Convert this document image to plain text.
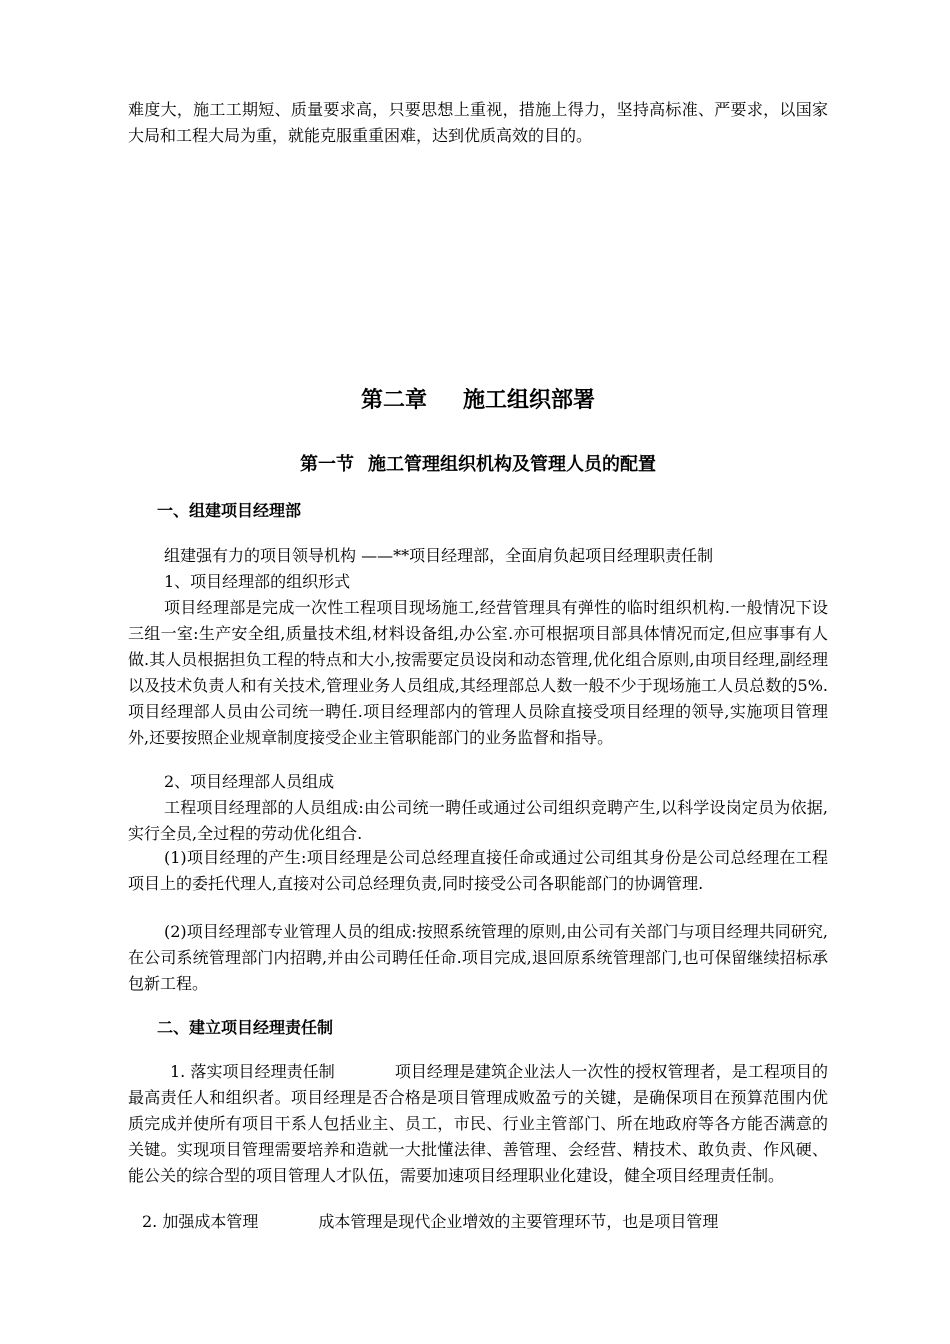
难度大，施工工期短、质量要求高，只要思想上重视，措施上得力，坚持高标准、严要求，以国家大局和工程大局为重，就能克服重重困难，达到优质高效的目的。

第二章 施工组织部署
第一节 施工管理组织机构及管理人员的配置
一、组建项目经理部

组建强有力的项目领导机构 ——**项目经理部，全面肩负起项目经理职责任制

1、项目经理部的组织形式

项目经理部是完成一次性工程项目现场施工,经营管理具有弹性的临时组织机构.一般情况下设三组一室:生产安全组,质量技术组,材料设备组,办公室.亦可根据项目部具体情况而定,但应事事有人做.其人员根据担负工程的特点和大小,按需要定员设岗和动态管理,优化组合原则,由项目经理,副经理以及技术负责人和有关技术,管理业务人员组成,其经理部总人数一般不少于现场施工人员总数的5%.项目经理部人员由公司统一聘任.项目经理部内的管理人员除直接受项目经理的领导,实施项目管理外,还要按照企业规章制度接受企业主管职能部门的业务监督和指导。

2、项目经理部人员组成

工程项目经理部的人员组成:由公司统一聘任或通过公司组织竞聘产生,以科学设岗定员为依据,实行全员,全过程的劳动优化组合.

(1)项目经理的产生:项目经理是公司总经理直接任命或通过公司组其身份是公司总经理在工程项目上的委托代理人,直接对公司总经理负责,同时接受公司各职能部门的协调管理.

(2)项目经理部专业管理人员的组成:按照系统管理的原则,由公司有关部门与项目经理共同研究,在公司系统管理部门内招聘,并由公司聘任任命.项目完成,退回原系统管理部门,也可保留继续招标承包新工程。

二、建立项目经理责任制

1. 落实项目经理责任制	项目经理是建筑企业法人一次性的授权管理者，是工程项目的最高责任人和组织者。项目经理是否合格是项目管理成败盈亏的关键，是确保项目在预算范围内优质完成并使所有项目干系人包括业主、员工，市民、行业主管部门、所在地政府等各方能否满意的关键。实现项目管理需要培养和造就一大批懂法律、善管理、会经营、精技术、敢负责、作风硬、能公关的综合型的项目管理人才队伍，需要加速项目经理职业化建设，健全项目经理责任制。

2. 加强成本管理	成本管理是现代企业增效的主要管理环节，也是项目管理
